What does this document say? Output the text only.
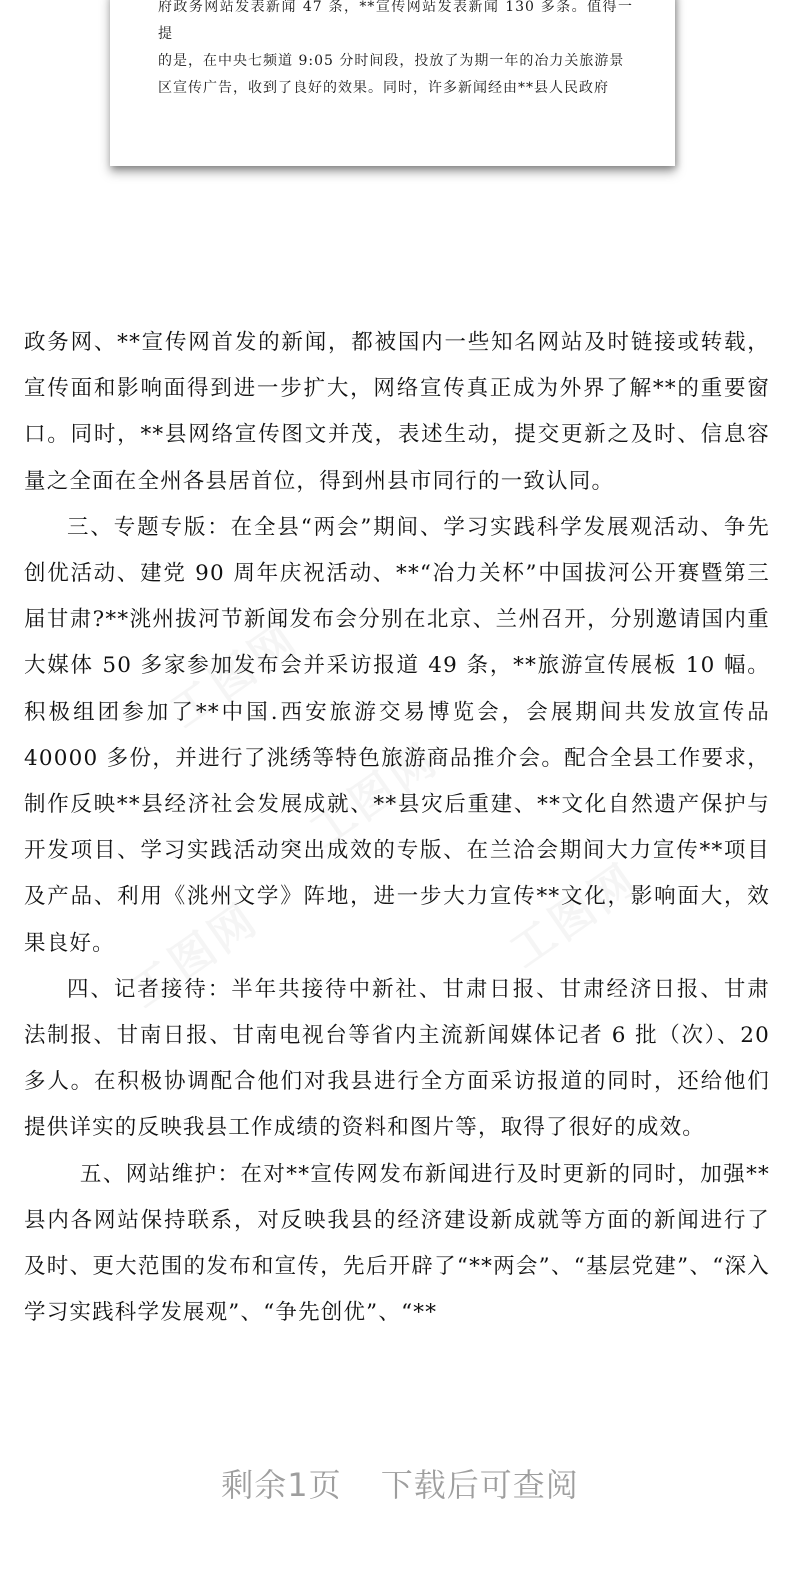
府政务网站发表新闻 47 条，**宣传网站发表新闻 130 多条。值得一提
的是，在中央七频道 9:05 分时间段，投放了为期一年的冶力关旅游景
区宣传广告，收到了良好的效果。同时，许多新闻经由**县人民政府
工图网
工图网
工图网	工图网

政务网、**宣传网首发的新闻，都被国内一些知名网站及时链接或转载，宣传面和影响面得到进一步扩大，网络宣传真正成为外界了解**的重要窗口。同时，**县网络宣传图文并茂，表述生动，提交更新之及时、信息容量之全面在全州各县居首位，得到州县市同行的一致认同。

三、专题专版：在全县“两会”期间、学习实践科学发展观活动、争先创优活动、建党 90 周年庆祝活动、**“冶力关杯”中国拔河公开赛暨第三届甘肃?**洮州拔河节新闻发布会分别在北京、兰州召开，分别邀请国内重大媒体 50 多家参加发布会并采访报道 49 条，**旅游宣传展板 10 幅。积极组团参加了**中国.西安旅游交易博览会，会展期间共发放宣传品 40000 多份，并进行了洮绣等特色旅游商品推介会。配合全县工作要求，制作反映**县经济社会发展成就、**县灾后重建、**文化自然遗产保护与开发项目、学习实践活动突出成效的专版、在兰洽会期间大力宣传**项目及产品、利用《洮州文学》阵地，进一步大力宣传**文化，影响面大，效果良好。

四、记者接待：半年共接待中新社、甘肃日报、甘肃经济日报、甘肃法制报、甘南日报、甘南电视台等省内主流新闻媒体记者 6 批（次）、20 多人。在积极协调配合他们对我县进行全方面采访报道的同时，还给他们提供详实的反映我县工作成绩的资料和图片等，取得了很好的成效。

五、网站维护：在对**宣传网发布新闻进行及时更新的同时，加强**县内各网站保持联系，对反映我县的经济建设新成就等方面的新闻进行了及时、更大范围的发布和宣传，先后开辟了“**两会”、“基层党建”、“深入学习实践科学发展观”、“争先创优”、“**

剩余1页 下载后可查阅
